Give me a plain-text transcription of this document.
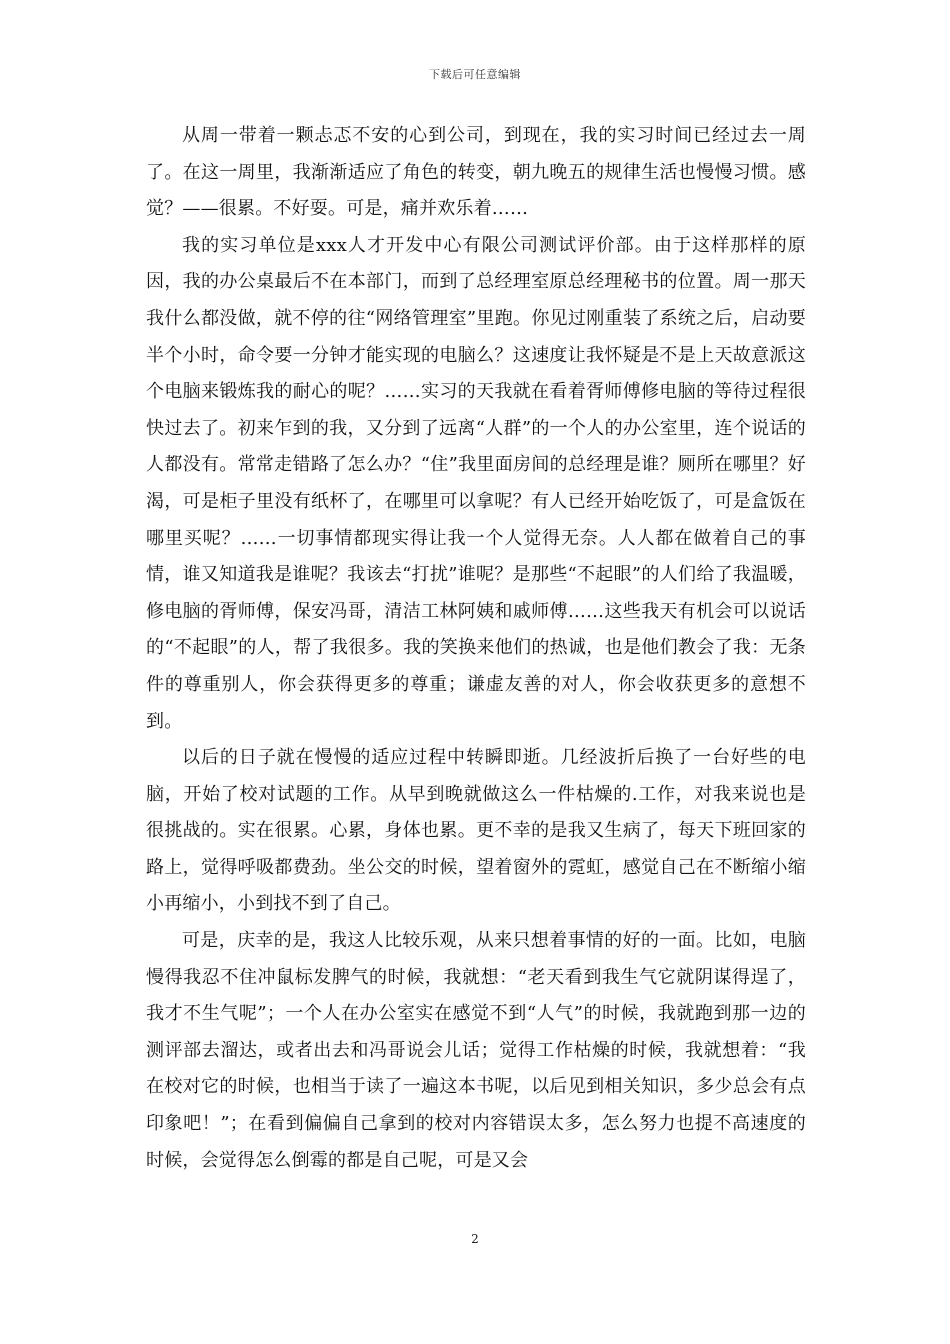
下载后可任意编辑

从周一带着一颗忐忑不安的心到公司，到现在，我的实习时间已经过去一周了。在这一周里，我渐渐适应了角色的转变，朝九晚五的规律生活也慢慢习惯。感觉？——很累。不好耍。可是，痛并欢乐着……

我的实习单位是xxx人才开发中心有限公司测试评价部。由于这样那样的原因，我的办公桌最后不在本部门，而到了总经理室原总经理秘书的位置。周一那天我什么都没做，就不停的往“网络管理室”里跑。你见过刚重装了系统之后，启动要半个小时，命令要一分钟才能实现的电脑么？这速度让我怀疑是不是上天故意派这个电脑来锻炼我的耐心的呢？……实习的天我就在看着胥师傅修电脑的等待过程很快过去了。初来乍到的我，又分到了远离“人群”的一个人的办公室里，连个说话的人都没有。常常走错路了怎么办？“住”我里面房间的总经理是谁？厕所在哪里？好渴，可是柜子里没有纸杯了，在哪里可以拿呢？有人已经开始吃饭了，可是盒饭在哪里买呢？……一切事情都现实得让我一个人觉得无奈。人人都在做着自己的事情，谁又知道我是谁呢？我该去“打扰”谁呢？是那些“不起眼”的人们给了我温暖，修电脑的胥师傅，保安冯哥，清洁工林阿姨和戚师傅……这些我天有机会可以说话的“不起眼”的人，帮了我很多。我的笑换来他们的热诚，也是他们教会了我：无条件的尊重别人，你会获得更多的尊重；谦虚友善的对人，你会收获更多的意想不到。

以后的日子就在慢慢的适应过程中转瞬即逝。几经波折后换了一台好些的电脑，开始了校对试题的工作。从早到晚就做这么一件枯燥的.工作，对我来说也是很挑战的。实在很累。心累，身体也累。更不幸的是我又生病了，每天下班回家的路上，觉得呼吸都费劲。坐公交的时候，望着窗外的霓虹，感觉自己在不断缩小缩小再缩小，小到找不到了自己。

可是，庆幸的是，我这人比较乐观，从来只想着事情的好的一面。比如，电脑慢得我忍不住冲鼠标发脾气的时候，我就想：“老天看到我生气它就阴谋得逞了，我才不生气呢”；一个人在办公室实在感觉不到“人气”的时候，我就跑到那一边的测评部去溜达，或者出去和冯哥说会儿话；觉得工作枯燥的时候，我就想着：“我在校对它的时候，也相当于读了一遍这本书呢，以后见到相关知识，多少总会有点印象吧！”；在看到偏偏自己拿到的校对内容错误太多，怎么努力也提不高速度的时候，会觉得怎么倒霉的都是自己呢，可是又会

2
